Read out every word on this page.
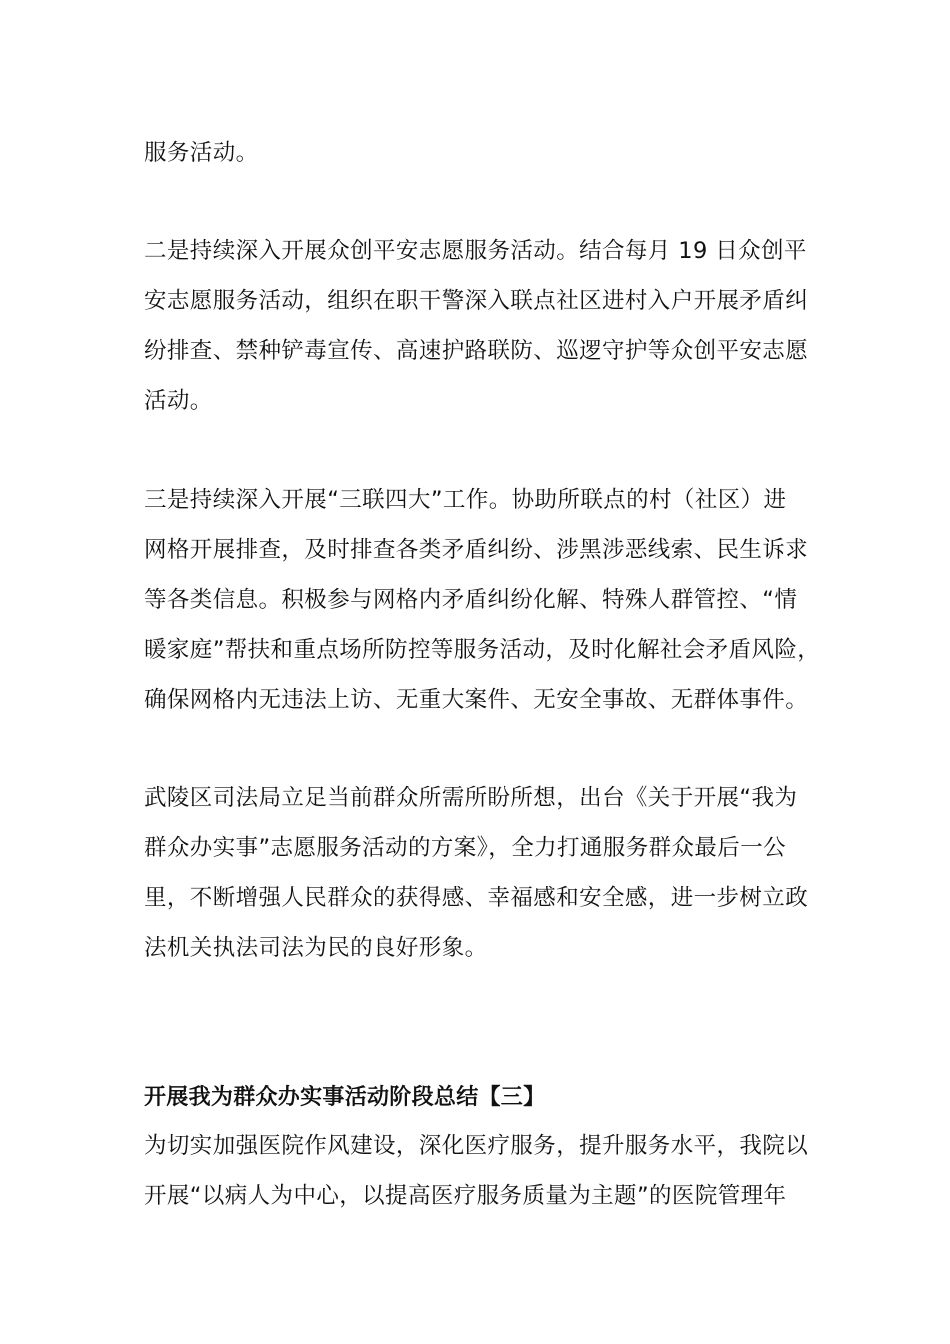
服务活动。

二是持续深入开展众创平安志愿服务活动。结合每月 19 日众创平
安志愿服务活动，组织在职干警深入联点社区进村入户开展矛盾纠
纷排查、禁种铲毒宣传、高速护路联防、巡逻守护等众创平安志愿
活动。

三是持续深入开展“三联四大”工作。协助所联点的村（社区）进
网格开展排查，及时排查各类矛盾纠纷、涉黑涉恶线索、民生诉求
等各类信息。积极参与网格内矛盾纠纷化解、特殊人群管控、“情
暖家庭”帮扶和重点场所防控等服务活动，及时化解社会矛盾风险，
确保网格内无违法上访、无重大案件、无安全事故、无群体事件。

武陵区司法局立足当前群众所需所盼所想，出台《关于开展“我为
群众办实事”志愿服务活动的方案》，全力打通服务群众最后一公
里，不断增强人民群众的获得感、幸福感和安全感，进一步树立政
法机关执法司法为民的良好形象。

开展我为群众办实事活动阶段总结【三】

为切实加强医院作风建设，深化医疗服务，提升服务水平，我院以
开展“以病人为中心，以提高医疗服务质量为主题”的医院管理年
